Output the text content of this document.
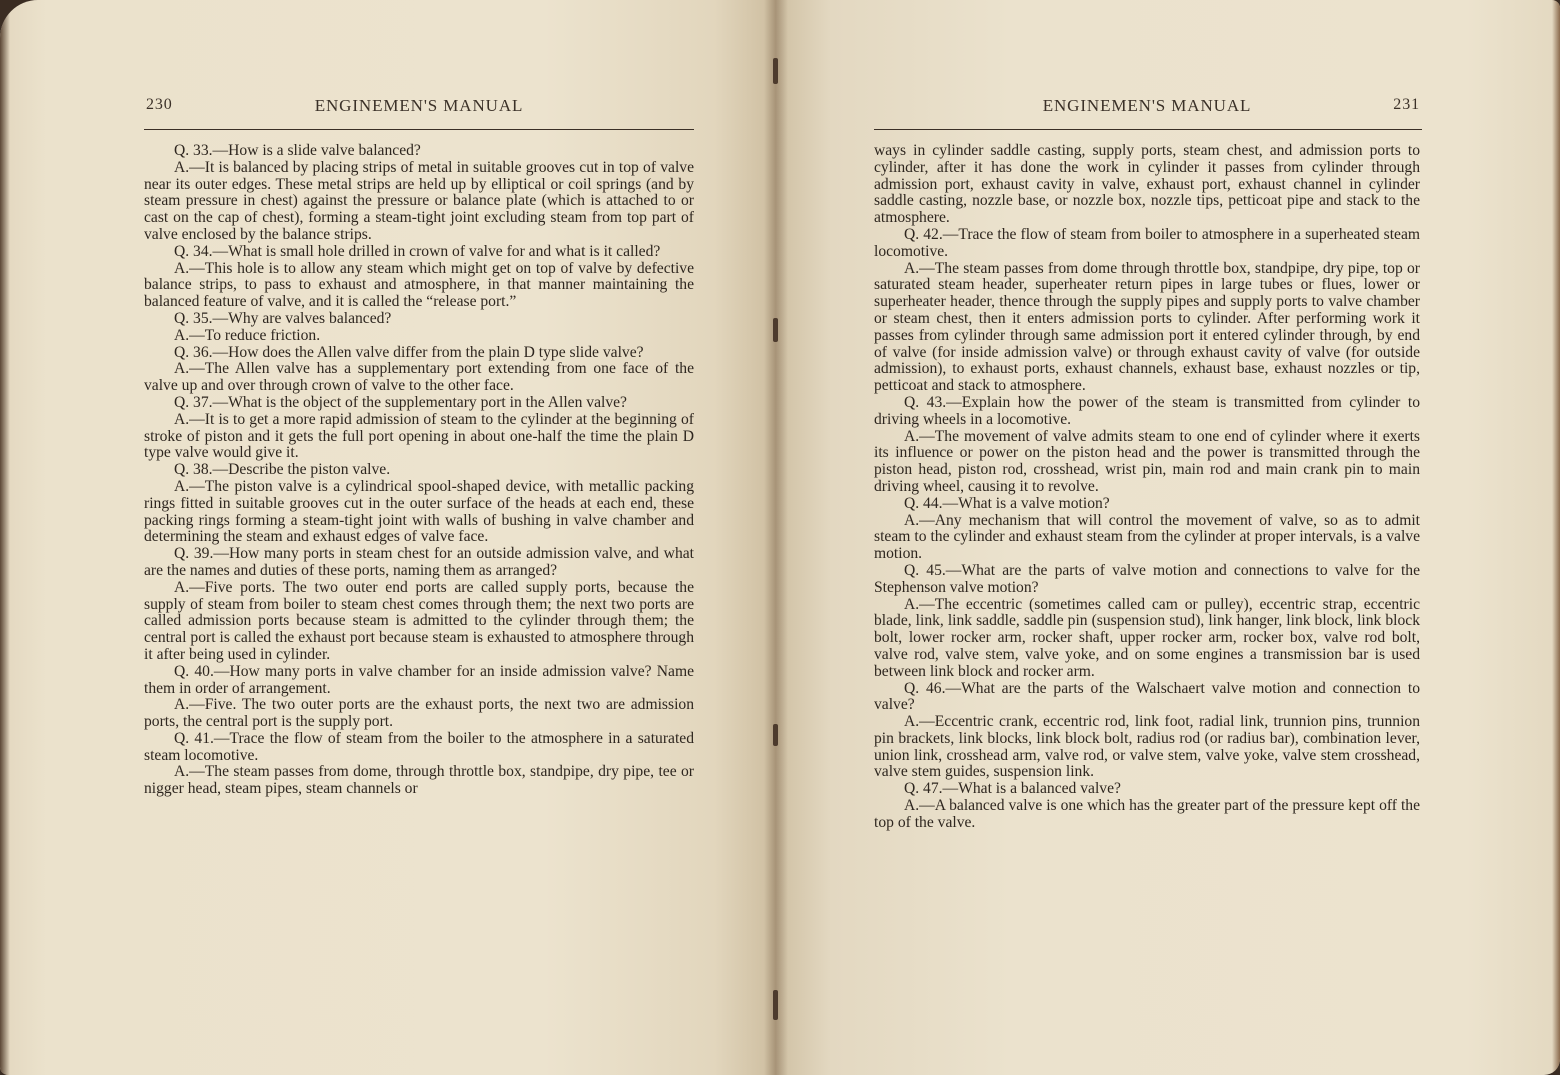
230	ENGINEMEN'S MANUAL

Q. 33.—How is a slide valve balanced?

A.—It is balanced by placing strips of metal in suitable grooves cut in top of valve near its outer edges. These metal strips are held up by elliptical or coil springs (and by steam pressure in chest) against the pressure or balance plate (which is attached to or cast on the cap of chest), forming a steam-tight joint excluding steam from top part of valve enclosed by the balance strips.

Q. 34.—What is small hole drilled in crown of valve for and what is it called?

A.—This hole is to allow any steam which might get on top of valve by defective balance strips, to pass to exhaust and atmosphere, in that manner maintaining the balanced feature of valve, and it is called the “release port.”

Q. 35.—Why are valves balanced?

A.—To reduce friction.

Q. 36.—How does the Allen valve differ from the plain D type slide valve?

A.—The Allen valve has a supplementary port extending from one face of the valve up and over through crown of valve to the other face.

Q. 37.—What is the object of the supplementary port in the Allen valve?

A.—It is to get a more rapid admission of steam to the cylinder at the beginning of stroke of piston and it gets the full port opening in about one-half the time the plain D type valve would give it.

Q. 38.—Describe the piston valve.

A.—The piston valve is a cylindrical spool-shaped device, with metallic packing rings fitted in suitable grooves cut in the outer surface of the heads at each end, these packing rings forming a steam-tight joint with walls of bushing in valve chamber and determining the steam and exhaust edges of valve face.

Q. 39.—How many ports in steam chest for an outside admission valve, and what are the names and duties of these ports, naming them as arranged?

A.—Five ports. The two outer end ports are called supply ports, because the supply of steam from boiler to steam chest comes through them; the next two ports are called admission ports because steam is admitted to the cylinder through them; the central port is called the exhaust port because steam is exhausted to atmosphere through it after being used in cylinder.

Q. 40.—How many ports in valve chamber for an inside admission valve? Name them in order of arrangement.

A.—Five. The two outer ports are the exhaust ports, the next two are admission ports, the central port is the supply port.

Q. 41.—Trace the flow of steam from the boiler to the atmosphere in a saturated steam locomotive.

A.—The steam passes from dome, through throttle box, standpipe, dry pipe, tee or nigger head, steam pipes, steam channels or

ENGINEMEN'S MANUAL	231

ways in cylinder saddle casting, supply ports, steam chest, and admission ports to cylinder, after it has done the work in cylinder it passes from cylinder through admission port, exhaust cavity in valve, exhaust port, exhaust channel in cylinder saddle casting, nozzle base, or nozzle box, nozzle tips, petticoat pipe and stack to the atmosphere.

Q. 42.—Trace the flow of steam from boiler to atmosphere in a superheated steam locomotive.

A.—The steam passes from dome through throttle box, standpipe, dry pipe, top or saturated steam header, superheater return pipes in large tubes or flues, lower or superheater header, thence through the supply pipes and supply ports to valve chamber or steam chest, then it enters admission ports to cylinder. After performing work it passes from cylinder through same admission port it entered cylinder through, by end of valve (for inside admission valve) or through exhaust cavity of valve (for outside admission), to exhaust ports, exhaust channels, exhaust base, exhaust nozzles or tip, petticoat and stack to atmosphere.

Q. 43.—Explain how the power of the steam is transmitted from cylinder to driving wheels in a locomotive.

A.—The movement of valve admits steam to one end of cylinder where it exerts its influence or power on the piston head and the power is transmitted through the piston head, piston rod, crosshead, wrist pin, main rod and main crank pin to main driving wheel, causing it to revolve.

Q. 44.—What is a valve motion?

A.—Any mechanism that will control the movement of valve, so as to admit steam to the cylinder and exhaust steam from the cylinder at proper intervals, is a valve motion.

Q. 45.—What are the parts of valve motion and connections to valve for the Stephenson valve motion?

A.—The eccentric (sometimes called cam or pulley), eccentric strap, eccentric blade, link, link saddle, saddle pin (suspension stud), link hanger, link block, link block bolt, lower rocker arm, rocker shaft, upper rocker arm, rocker box, valve rod bolt, valve rod, valve stem, valve yoke, and on some engines a transmission bar is used between link block and rocker arm.

Q. 46.—What are the parts of the Walschaert valve motion and connection to valve?

A.—Eccentric crank, eccentric rod, link foot, radial link, trunnion pins, trunnion pin brackets, link blocks, link block bolt, radius rod (or radius bar), combination lever, union link, crosshead arm, valve rod, or valve stem, valve yoke, valve stem crosshead, valve stem guides, suspension link.

Q. 47.—What is a balanced valve?

A.—A balanced valve is one which has the greater part of the pressure kept off the top of the valve.
